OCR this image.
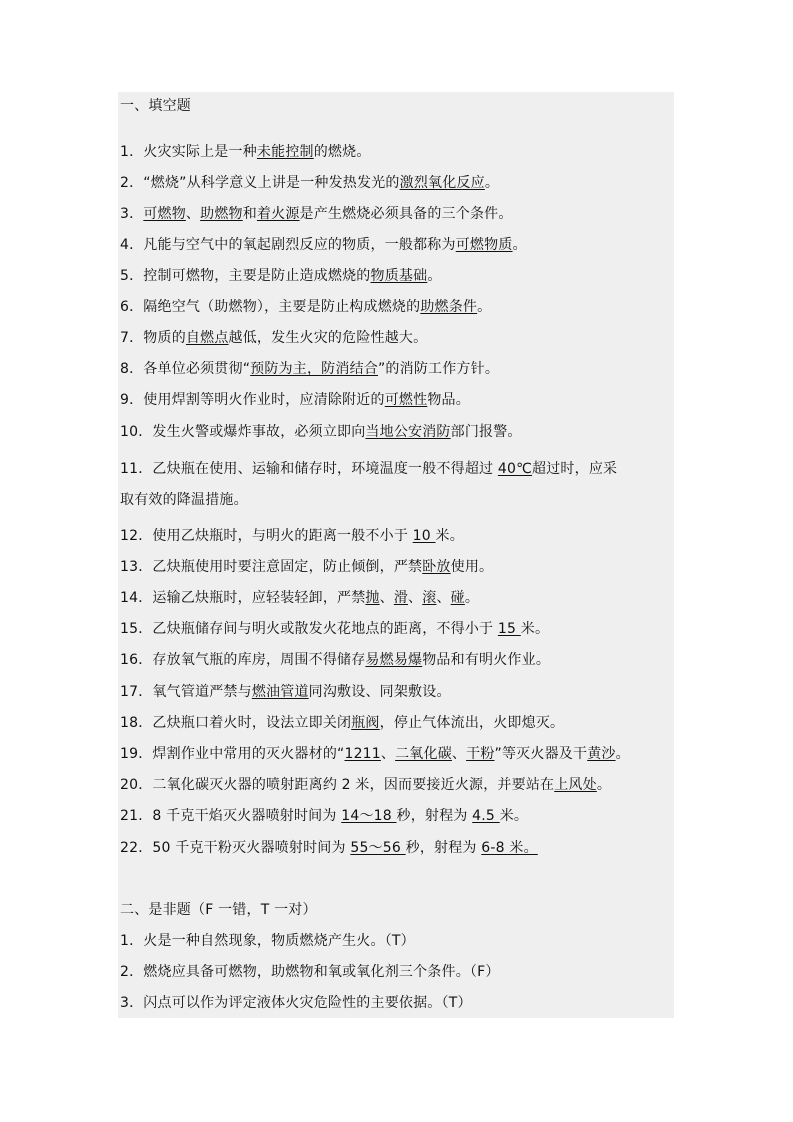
一、填空题
1．火灾实际上是一种未能控制的燃烧。
2．“燃烧”从科学意义上讲是一种发热发光的激烈氧化反应。
3．可燃物、助燃物和着火源是产生燃烧必须具备的三个条件。
4．凡能与空气中的氧起剧烈反应的物质，一般都称为可燃物质。
5．控制可燃物，主要是防止造成燃烧的物质基础。
6．隔绝空气（助燃物），主要是防止构成燃烧的助燃条件。
7．物质的自燃点越低，发生火灾的危险性越大。
8．各单位必须贯彻“预防为主，防消结合”的消防工作方针。
9．使用焊割等明火作业时，应清除附近的可燃性物品。
10．发生火警或爆炸事故，必须立即向当地公安消防部门报警。
11．乙炔瓶在使用、运输和储存时，环境温度一般不得超过 40℃超过时，应采
取有效的降温措施。
12．使用乙炔瓶时，与明火的距离一般不小于 10 米。
13．乙炔瓶使用时要注意固定，防止倾倒，严禁卧放使用。
14．运输乙炔瓶时，应轻装轻卸，严禁抛、滑、滚、碰。
15．乙炔瓶储存间与明火或散发火花地点的距离，不得小于 15 米。
16．存放氧气瓶的库房，周围不得储存易燃易爆物品和有明火作业。
17．氧气管道严禁与燃油管道同沟敷设、同架敷设。
18．乙炔瓶口着火时，设法立即关闭瓶阀，停止气体流出，火即熄灭。
19．焊割作业中常用的灭火器材的“1211、二氧化碳、干粉”等灭火器及干黄沙。
20．二氧化碳灭火器的喷射距离约 2 米，因而要接近火源，并要站在上风处。
21．8 千克干焰灭火器喷射时间为 14～18 秒，射程为 4.5 米。
22．50 千克干粉灭火器喷射时间为 55～56 秒，射程为 6-8 米。
二、是非题（F 一错，T 一对）
1．火是一种自然现象，物质燃烧产生火。（T）
2．燃烧应具备可燃物，助燃物和氧或氧化剂三个条件。（F）
3．闪点可以作为评定液体火灾危险性的主要依据。（T）
